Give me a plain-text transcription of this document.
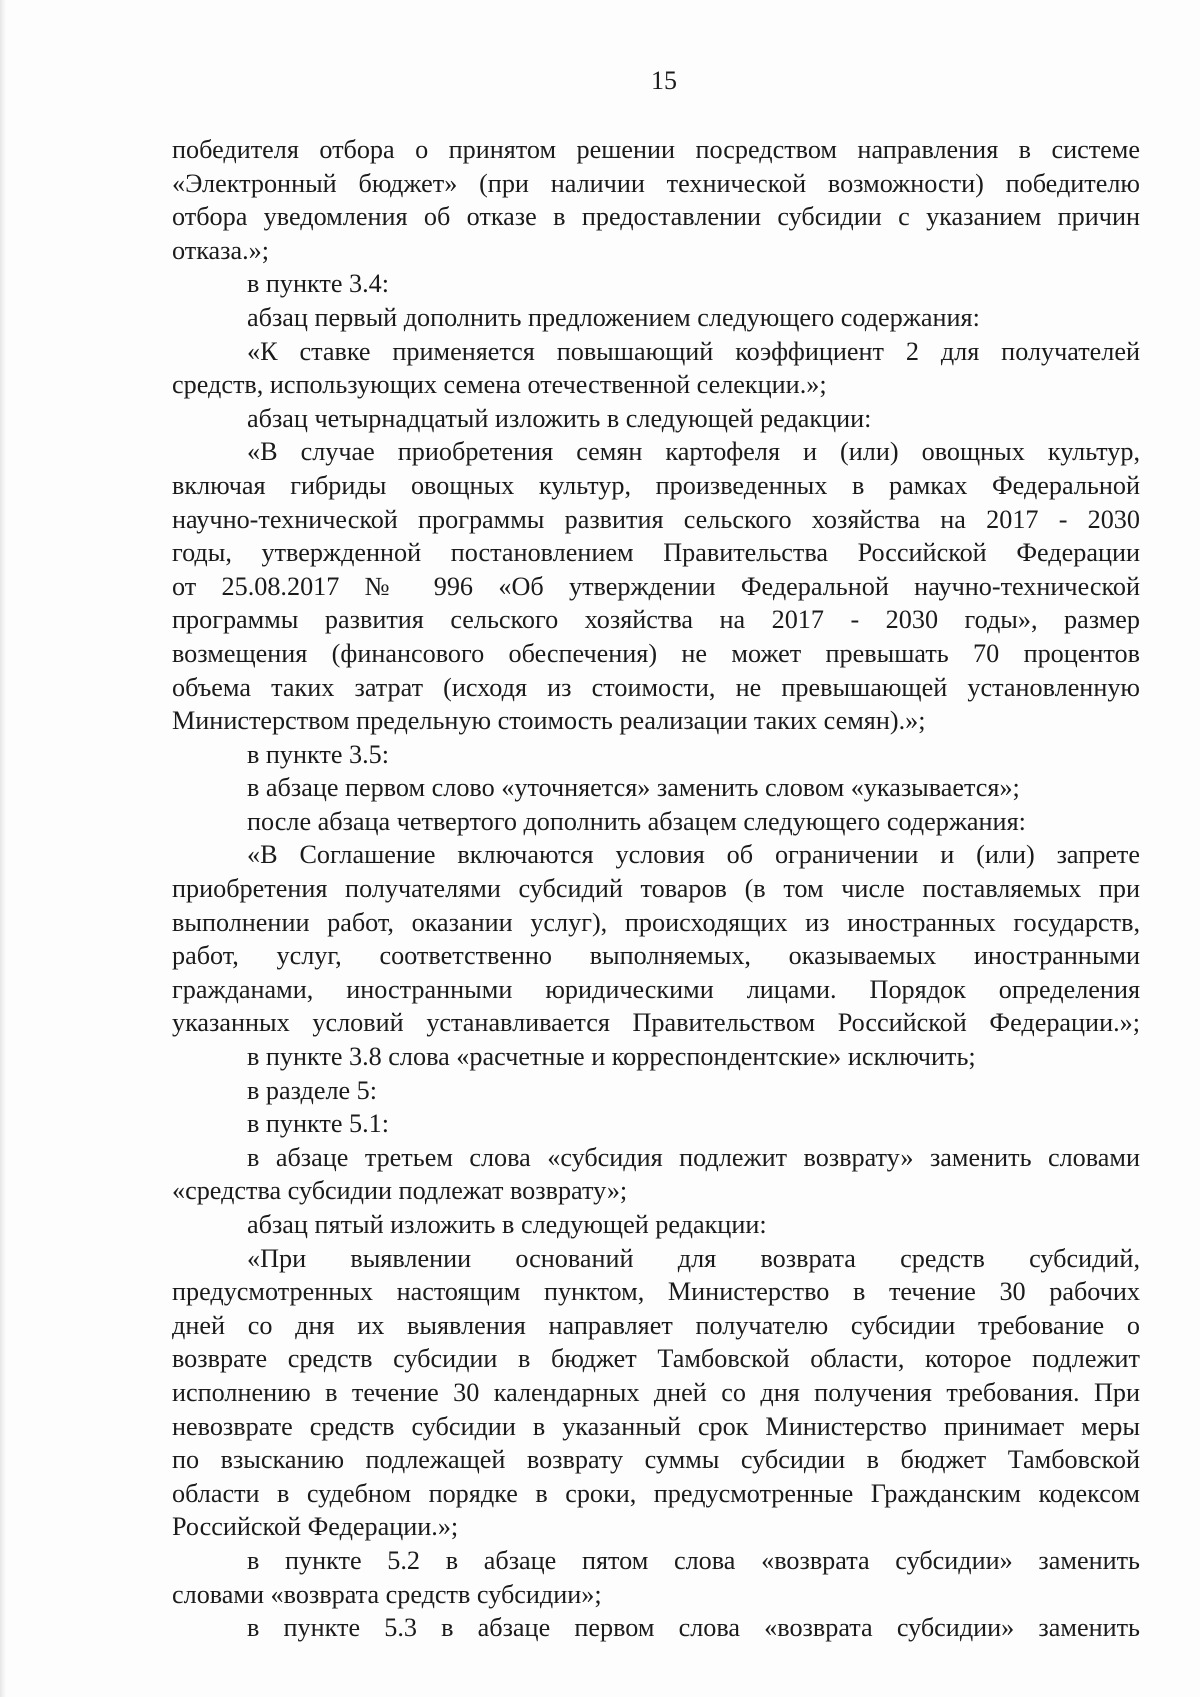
15
победителя отбора о принятом решении посредством направления в системе
«Электронный бюджет» (при наличии технической возможности) победителю
отбора уведомления об отказе в предоставлении субсидии с указанием причин
отказа.»;
в пункте 3.4:
абзац первый дополнить предложением следующего содержания:
«К ставке применяется повышающий коэффициент 2 для получателей
средств, использующих семена отечественной селекции.»;
абзац четырнадцатый изложить в следующей редакции:
«В случае приобретения семян картофеля и (или) овощных культур,
включая гибриды овощных культур, произведенных в рамках Федеральной
научно-технической программы развития сельского хозяйства на 2017 - 2030
годы, утвержденной постановлением Правительства Российской Федерации
от 25.08.2017 № 996 «Об утверждении Федеральной научно-технической
программы развития сельского хозяйства на 2017 - 2030 годы», размер
возмещения (финансового обеспечения) не может превышать 70 процентов
объема таких затрат (исходя из стоимости, не превышающей установленную
Министерством предельную стоимость реализации таких семян).»;
в пункте 3.5:
в абзаце первом слово «уточняется» заменить словом «указывается»;
после абзаца четвертого дополнить абзацем следующего содержания:
«В Соглашение включаются условия об ограничении и (или) запрете
приобретения получателями субсидий товаров (в том числе поставляемых при
выполнении работ, оказании услуг), происходящих из иностранных государств,
работ, услуг, соответственно выполняемых, оказываемых иностранными
гражданами, иностранными юридическими лицами. Порядок определения
указанных условий устанавливается Правительством Российской Федерации.»;
в пункте 3.8 слова «расчетные и корреспондентские» исключить;
в разделе 5:
в пункте 5.1:
в абзаце третьем слова «субсидия подлежит возврату» заменить словами
«средства субсидии подлежат возврату»;
абзац пятый изложить в следующей редакции:
«При выявлении оснований для возврата средств субсидий,
предусмотренных настоящим пунктом, Министерство в течение 30 рабочих
дней со дня их выявления направляет получателю субсидии требование о
возврате средств субсидии в бюджет Тамбовской области, которое подлежит
исполнению в течение 30 календарных дней со дня получения требования. При
невозврате средств субсидии в указанный срок Министерство принимает меры
по взысканию подлежащей возврату суммы субсидии в бюджет Тамбовской
области в судебном порядке в сроки, предусмотренные Гражданским кодексом
Российской Федерации.»;
в пункте 5.2 в абзаце пятом слова «возврата субсидии» заменить
словами «возврата средств субсидии»;
в пункте 5.3 в абзаце первом слова «возврата субсидии» заменить
